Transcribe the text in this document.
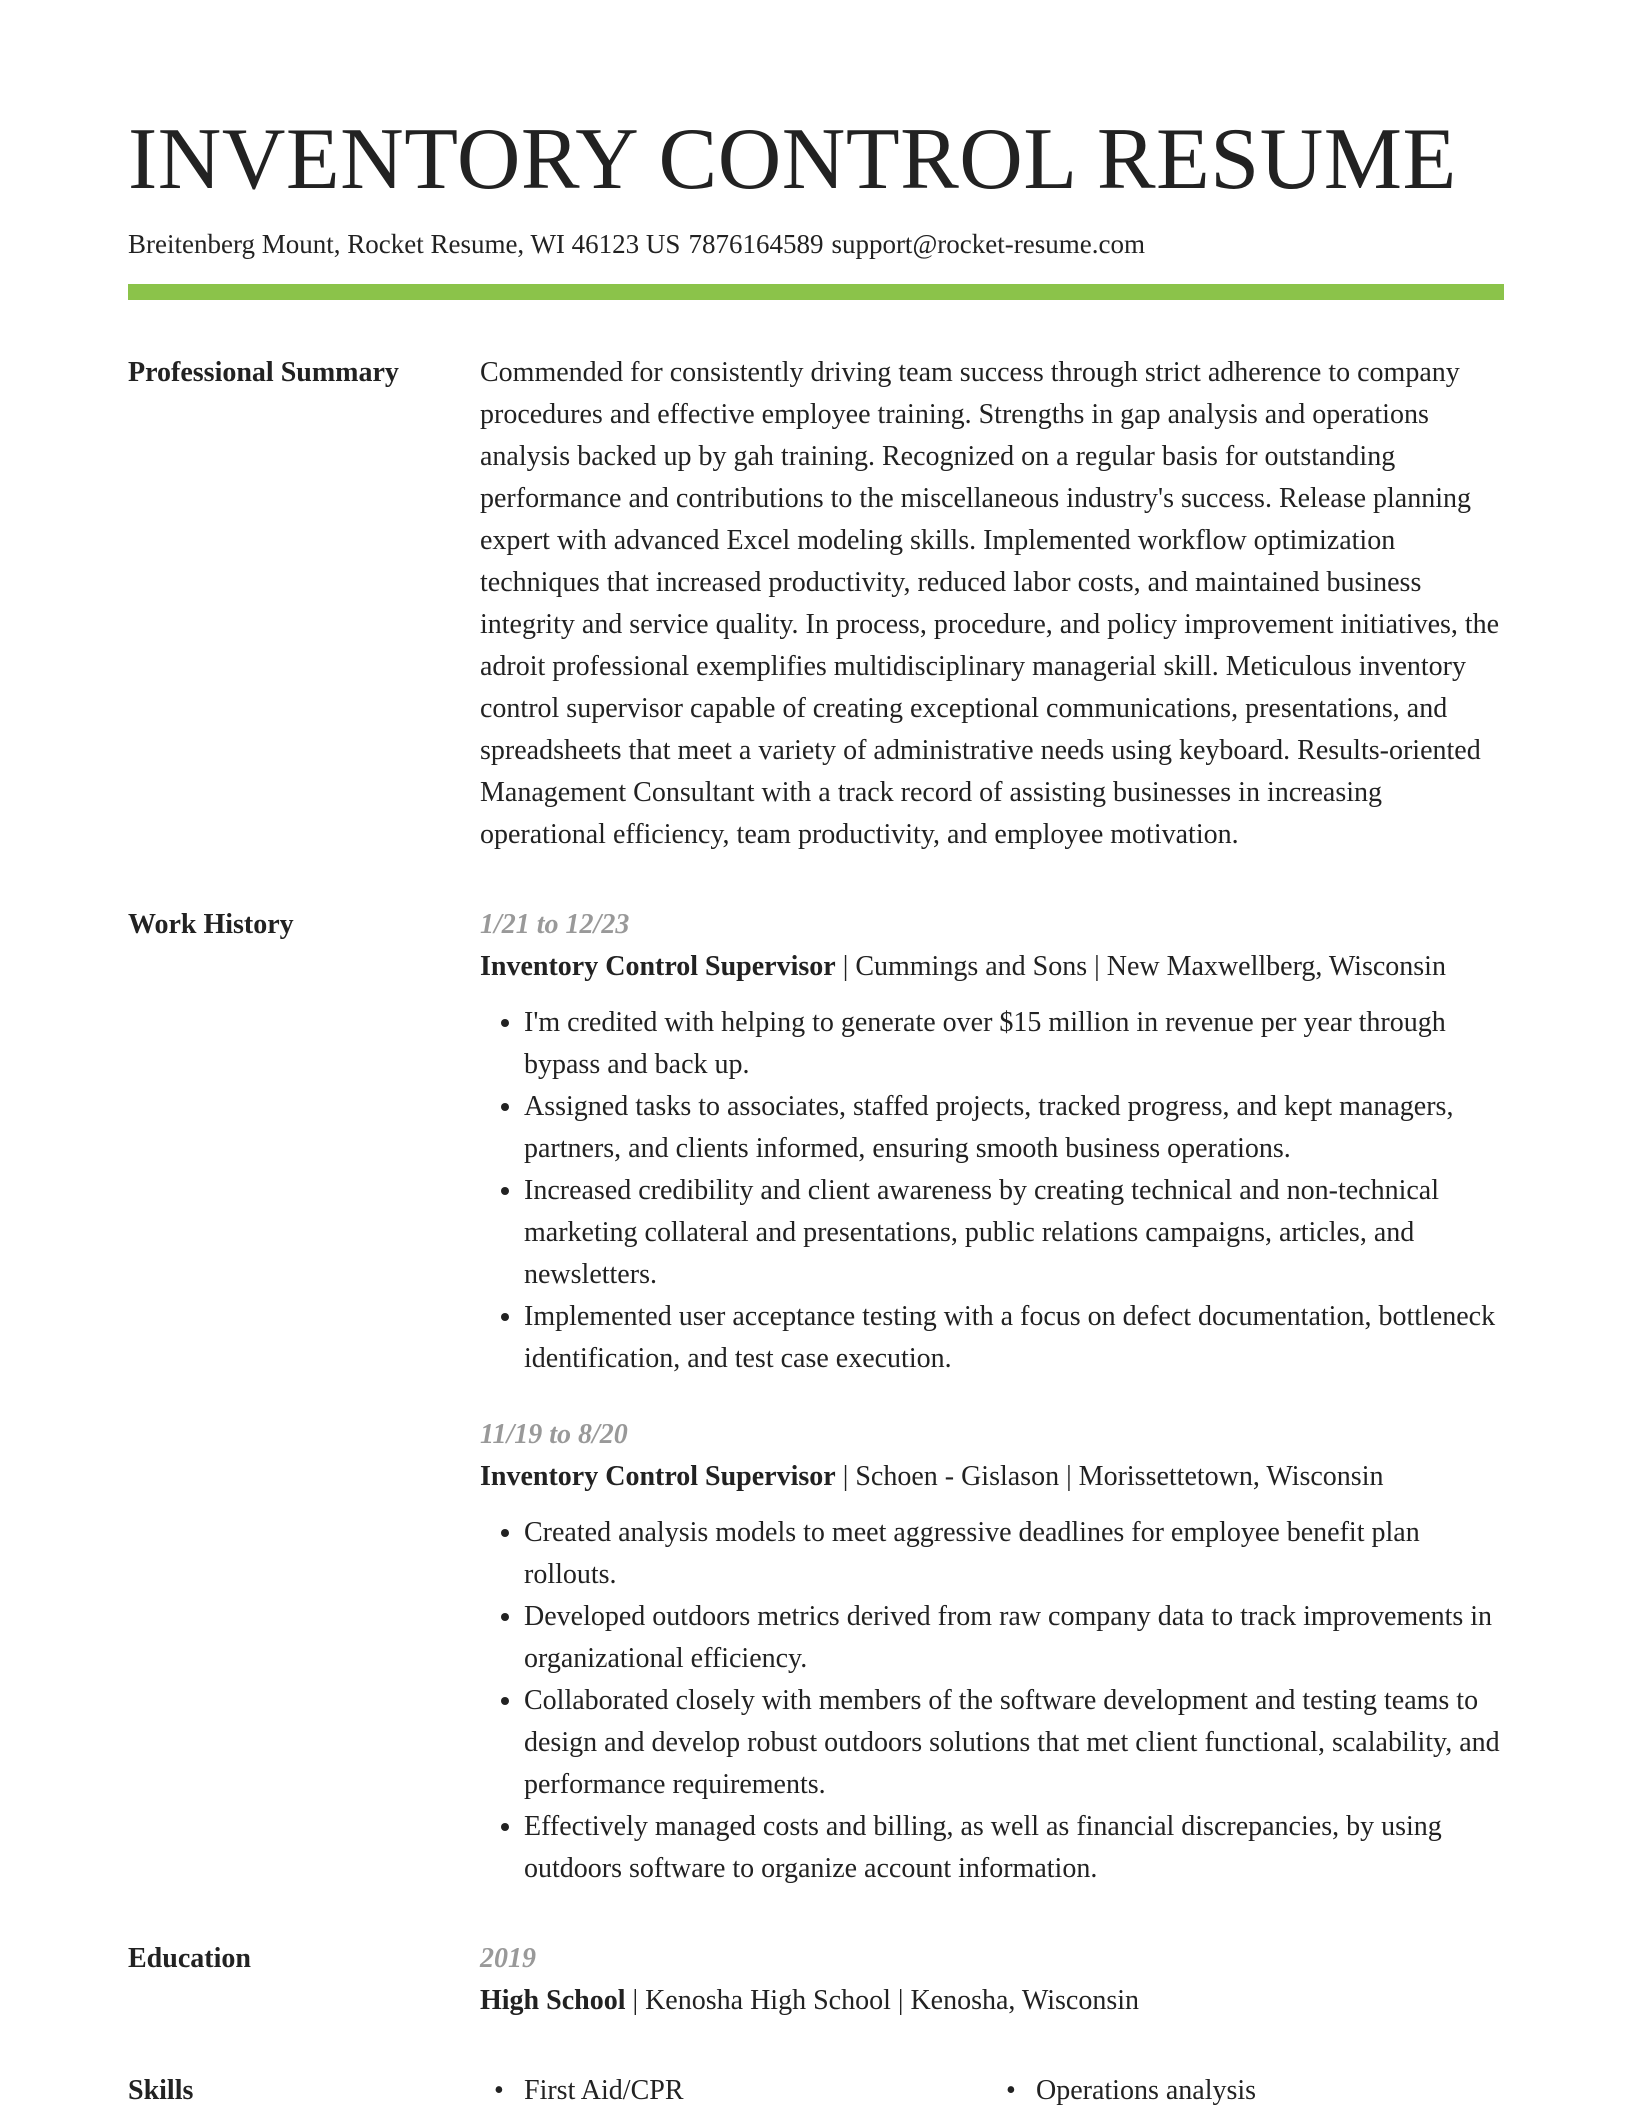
INVENTORY CONTROL RESUME
Breitenberg Mount, Rocket Resume, WI 46123 US 7876164589 support@rocket-resume.com
Professional Summary	Commended for consistently driving team success through strict adherence to company procedures and effective employee training. Strengths in gap analysis and operations analysis backed up by gah training. Recognized on a regular basis for outstanding performance and contributions to the miscellaneous industry's success. Release planning expert with advanced Excel modeling skills. Implemented workflow optimization techniques that increased productivity, reduced labor costs, and maintained business integrity and service quality. In process, procedure, and policy improvement initiatives, the adroit professional exemplifies multidisciplinary managerial skill. Meticulous inventory control supervisor capable of creating exceptional communications, presentations, and spreadsheets that meet a variety of administrative needs using keyboard. Results-oriented Management Consultant with a track record of assisting businesses in increasing operational efficiency, team productivity, and employee motivation.

Work History	1/21 to 12/23
Inventory Control Supervisor | Cummings and Sons | New Maxwellberg, Wisconsin
• I'm credited with helping to generate over $15 million in revenue per year through bypass and back up.
• Assigned tasks to associates, staffed projects, tracked progress, and kept managers, partners, and clients informed, ensuring smooth business operations.
• Increased credibility and client awareness by creating technical and non-technical marketing collateral and presentations, public relations campaigns, articles, and newsletters.
• Implemented user acceptance testing with a focus on defect documentation, bottleneck identification, and test case execution.
11/19 to 8/20
Inventory Control Supervisor | Schoen - Gislason | Morissettetown, Wisconsin
• Created analysis models to meet aggressive deadlines for employee benefit plan rollouts.
• Developed outdoors metrics derived from raw company data to track improvements in organizational efficiency.
• Collaborated closely with members of the software development and testing teams to design and develop robust outdoors solutions that met client functional, scalability, and performance requirements.
• Effectively managed costs and billing, as well as financial discrepancies, by using outdoors software to organize account information.
Education	2019
High School | Kenosha High School | Kenosha, Wisconsin
Skills	• First Aid/CPR	• Operations analysis
